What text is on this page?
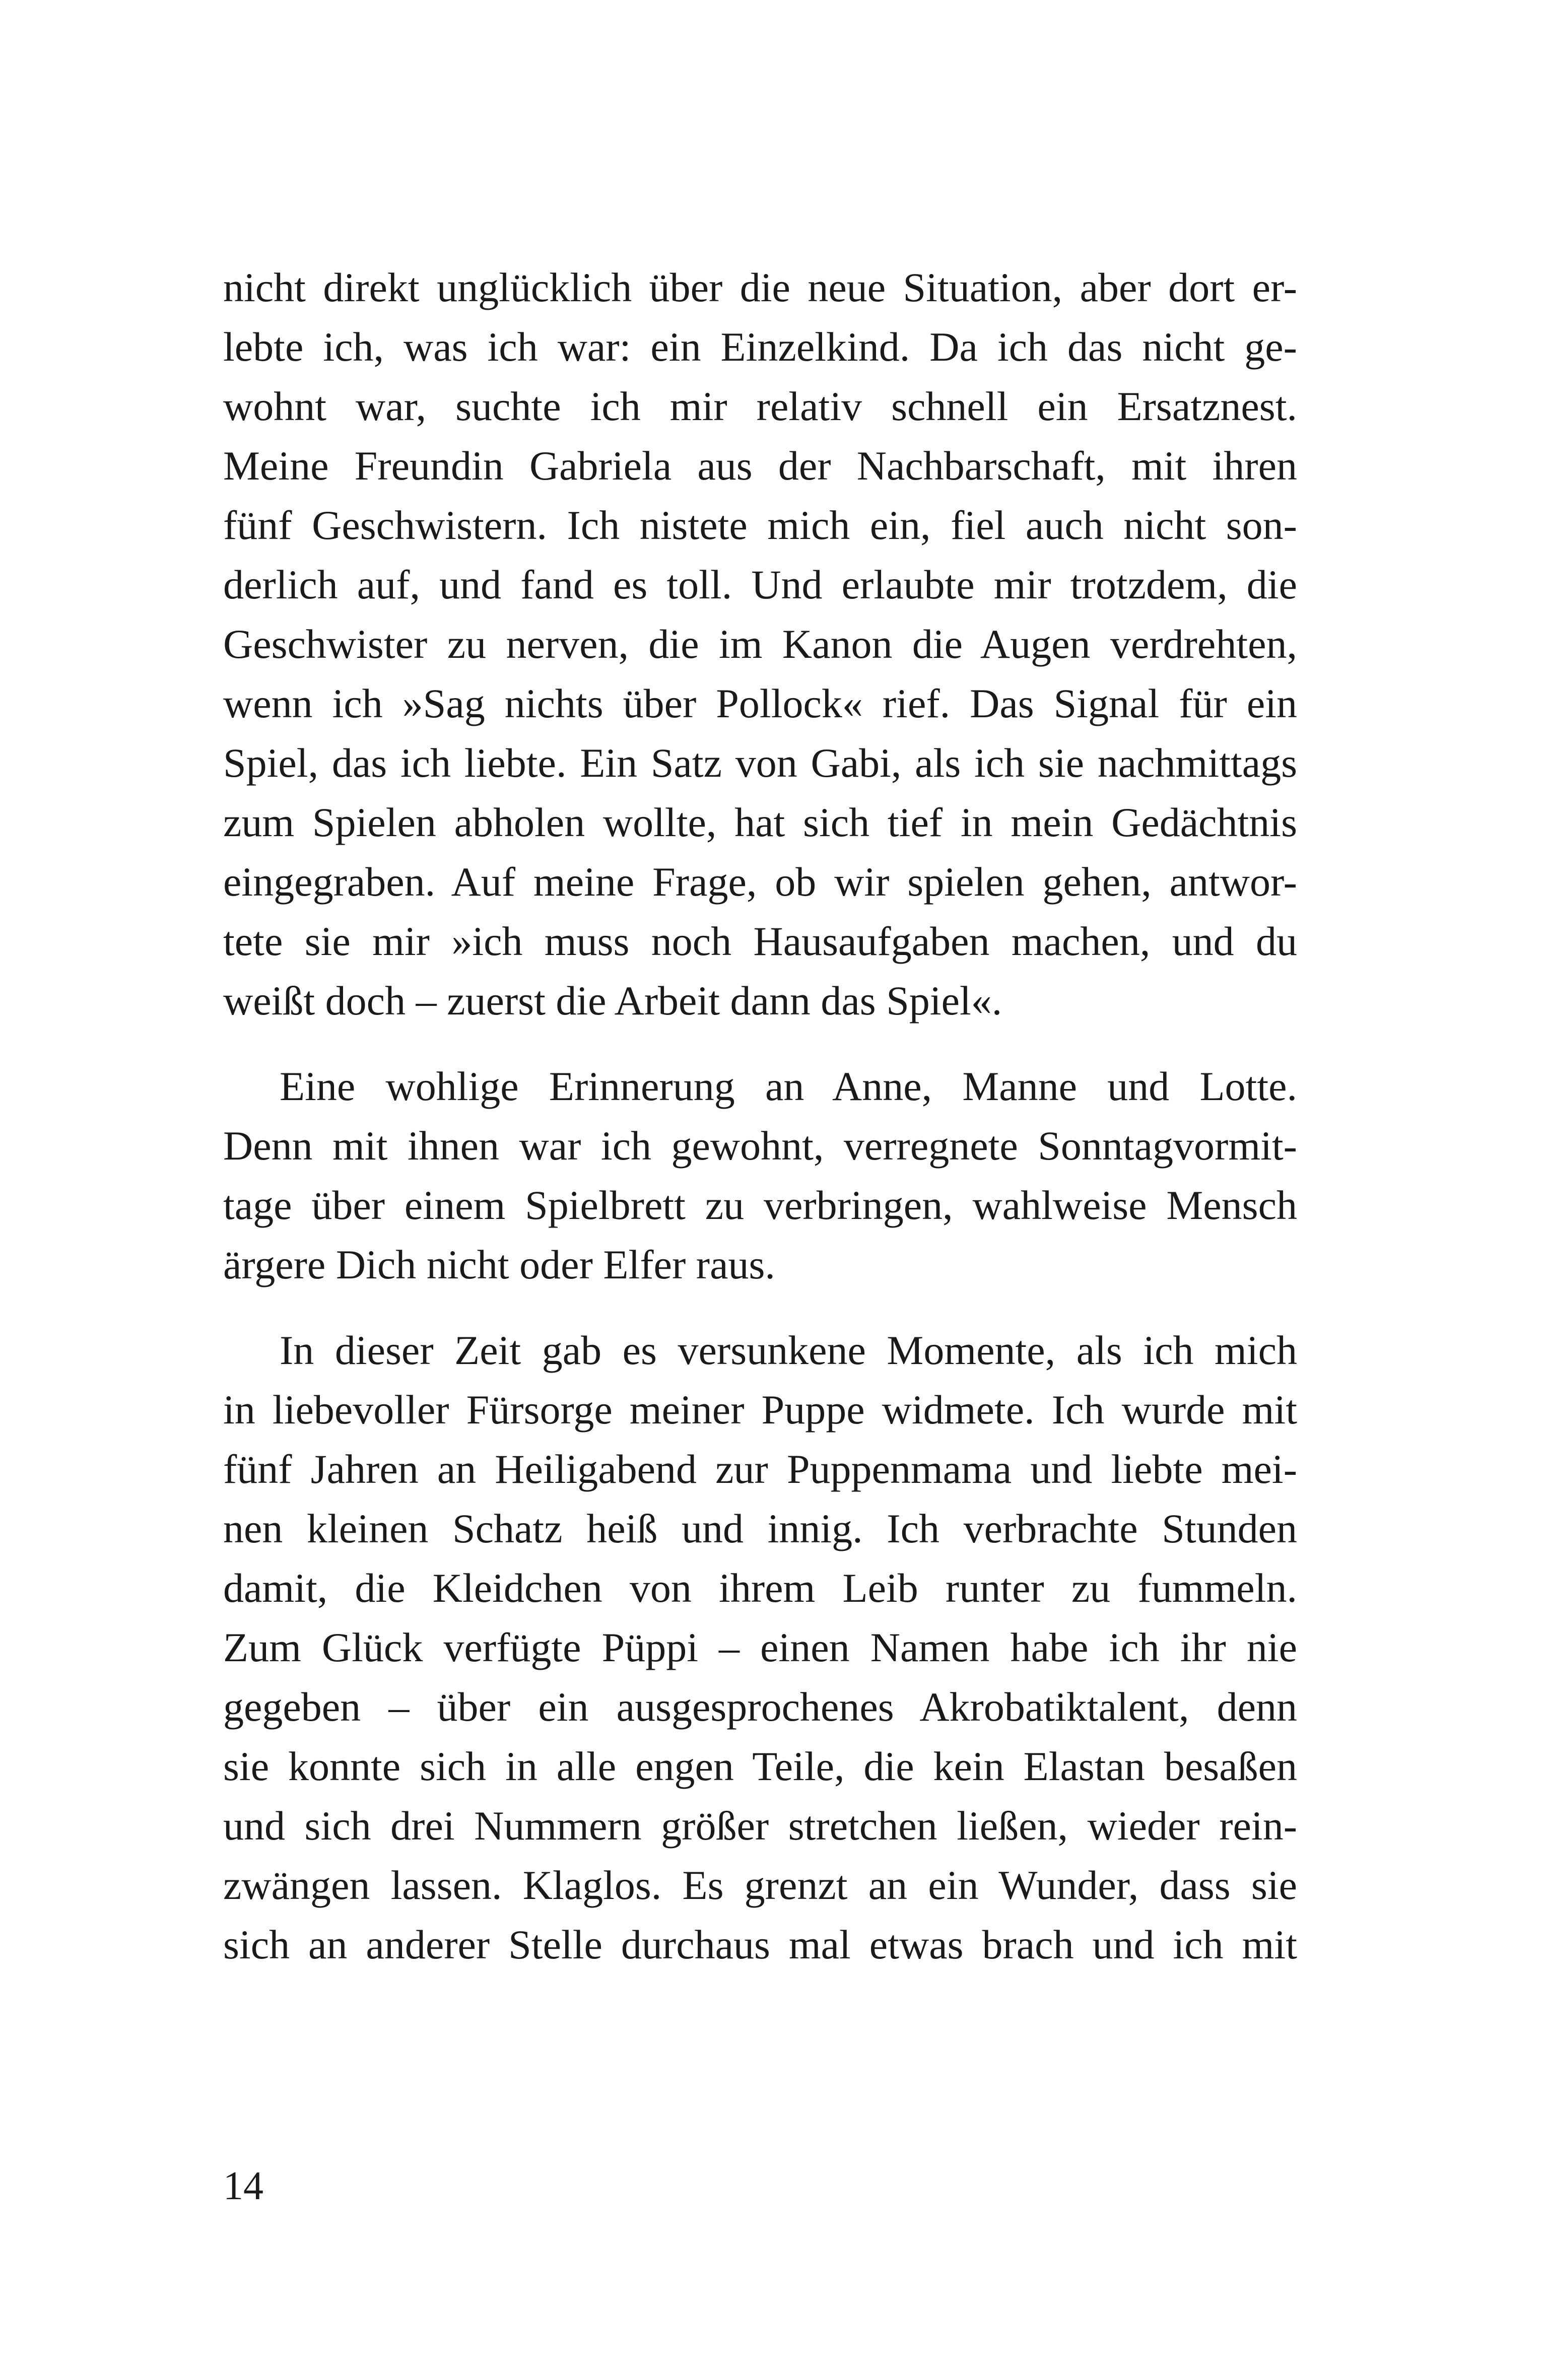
nicht direkt unglücklich über die neue Situation, aber dort er-
lebte ich, was ich war: ein Einzelkind. Da ich das nicht ge-
wohnt war, suchte ich mir relativ schnell ein Ersatznest.
Meine Freundin Gabriela aus der Nachbarschaft, mit ihren
fünf Geschwistern. Ich nistete mich ein, fiel auch nicht son-
derlich auf, und fand es toll. Und erlaubte mir trotzdem, die
Geschwister zu nerven, die im Kanon die Augen verdrehten,
wenn ich »Sag nichts über Pollock« rief. Das Signal für ein
Spiel, das ich liebte. Ein Satz von Gabi, als ich sie nachmittags
zum Spielen abholen wollte, hat sich tief in mein Gedächtnis
eingegraben. Auf meine Frage, ob wir spielen gehen, antwor-
tete sie mir »ich muss noch Hausaufgaben machen, und du
weißt doch – zuerst die Arbeit dann das Spiel«.

Eine wohlige Erinnerung an Anne, Manne und Lotte.
Denn mit ihnen war ich gewohnt, verregnete Sonntagvormit-
tage über einem Spielbrett zu verbringen, wahlweise Mensch
ärgere Dich nicht oder Elfer raus.

In dieser Zeit gab es versunkene Momente, als ich mich
in liebevoller Fürsorge meiner Puppe widmete. Ich wurde mit
fünf Jahren an Heiligabend zur Puppenmama und liebte mei-
nen kleinen Schatz heiß und innig. Ich verbrachte Stunden
damit, die Kleidchen von ihrem Leib runter zu fummeln.
Zum Glück verfügte Püppi – einen Namen habe ich ihr nie
gegeben – über ein ausgesprochenes Akrobatiktalent, denn
sie konnte sich in alle engen Teile, die kein Elastan besaßen
und sich drei Nummern größer stretchen ließen, wieder rein-
zwängen lassen. Klaglos. Es grenzt an ein Wunder, dass sie
sich an anderer Stelle durchaus mal etwas brach und ich mit

14
